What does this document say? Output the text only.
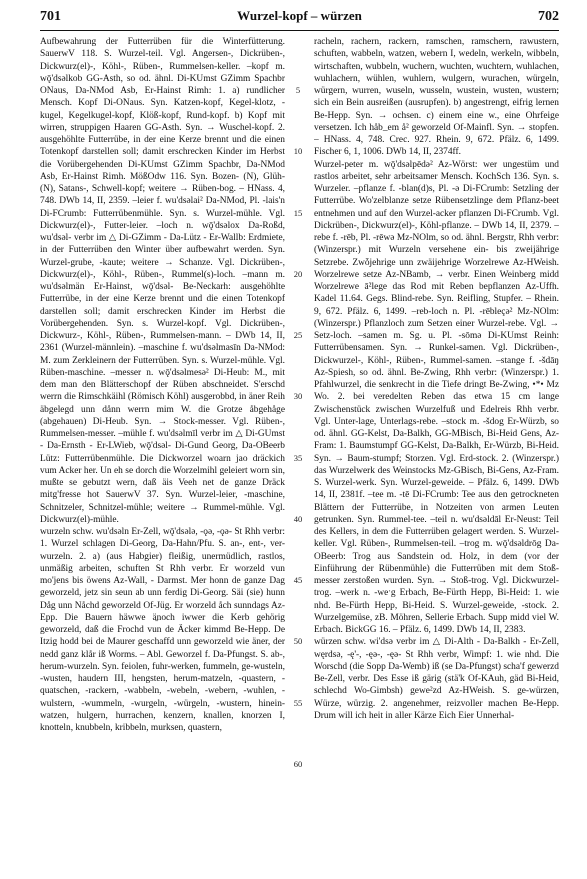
701	Wurzel-kopf – würzen	702

Aufbewahrung der Futterrüben für die Winterfütterung. SauerwV 118. S. Wurzel-teil. Vgl. Angersen-, Dickrüben-, Dickwurz(el)-, Köhl-, Rüben-, Rummelsen-keller. –kopf m. wǭ'dsəlkob GG-Asth, so od. ähnl. Di-KUmst GZimm Spachbr ONaus, Da-NMod Asb, Er-Hainst Rimh: 1. a) rundlicher Mensch. Kopf Di-ONaus. Syn. Katzen-kopf, Kegel-klotz, -kugel, Kegelkugel-kopf, Klöß-kopf, Rund-kopf. b) Kopf mit wirren, struppigen Haaren GG-Asth. Syn. → Wuschel-kopf. 2. ausgehöhlte Futterrübe, in der eine Kerze brennt und die einen Totenkopf darstellen soll; damit erschrecken Kinder im Herbst die Vorübergehenden Di-KUmst GZimm Spachbr, Da-NMod Asb, Er-Hainst Rimh. MößOdw 116. Syn. Bozen- (N), Glüh- (N), Satans-, Schwell-kopf; weitere → Rüben-bog. – HNass. 4, 748. DWb 14, II, 2359. –leier f. wu'dsəlai² Da-NMod, Pl. -lais'n Di-FCrumb: Futterrübenmühle. Syn. s. Wurzel-mühle. Vgl. Dickwurz(el)-, Futter-leier. –loch n. wǭ'dsəlox Da-Roßd, wu'dsəl- verbr im △ Di-GZimm - Da-Lütz - Er-Wallb: Erdmiete, in der Futterrüben den Winter über aufbewahrt werden. Syn. Wurzel-grube, -kaute; weitere → Schanze. Vgl. Dickrüben-, Dickwurz(el)-, Köhl-, Rüben-, Rummel(s)-loch. –mann m. wu'dsəlmän Er-Hainst, wǭ'dsəl- Be-Neckarh: ausgehöhlte Futterrübe, in der eine Kerze brennt und die einen Totenkopf darstellen soll; damit erschrecken Kinder im Herbst die Vorübergehenden. Syn. s. Wurzel-kopf. Vgl. Dickrüben-, Dickwurz-, Köhl-, Rüben-, Rummelsen-mann. – DWb 14, II, 2361 (Wurzel-männlein). –maschine f. wu'dsəlmasīn Da-NMod: M. zum Zerkleinern der Futterrüben. Syn. s. Wurzel-mühle. Vgl. Rüben-maschine. –messer n. wǭ'dsəlmesə² Di-Heub: M., mit dem man den Blätterschopf der Rüben abschneidet. S'erschd werrn die Rimschkäihl (Römisch Köhl) ausgerobbd, in äner Reih äbgelegd unn dånn werrn mim W. die Grotze åbgehåge (abgehauen) Di-Heub. Syn. → Stock-messer. Vgl. Rüben-, Rummelsen-messer. –mühle f. wu'dsəlmīl verbr im △ Di-GUmst - Da-Ernsth - Er-LWieb, wǭ'dsəl- Di-Gund Georg, Da-OBeerb Lütz: Futterrübenmühle. Die Dickworzel woarn jao dräckich vum Acker her. Un eh se dorch die Worzelmihl geleiert worn sin, mußte se gebutzt wern, daß äis Veeh net de ganze Dräck mitg'fresse hot SauerwV 37. Syn. Wurzel-leier, -maschine, Schnitzeler, Schnitzel-mühle; weitere → Rummel-mühle. Vgl. Dickwurz(el)-mühle.

wurzeln schw. wu'dsəln Er-Zell, wǭ'dsəlǝ, -ǫə, -ǫə- St Rhh verbr: 1. Wurzel schlagen Di-Georg, Da-Hahn/Pfu. S. an-, ent-, ver-wurzeln. 2. a) (aus Habgier) fleißig, unermüdlich, rastlos, unmäßig arbeiten, schuften St Rhh verbr. Er worzeld vun mo'jens bis öwens Az-Wall, - Darmst. Mer honn de ganze Dag geworzeld, jetz sin seun ab unn ferdig Di-Georg. Säi (sie) hunn Dåg unn Nåchd geworzeld Of-Jüg. Er worzeld åch sunndags Az-Epp. Die Bauern häwwe ä̱noch iwwer die Kerb gehörig geworzeld, daß die Frochd vun de Äcker kimmd Be-Hepp. De Itzig hodd bei de Maurer geschaffd unn geworzeld wie äner, der nedd ganz klår iß Worms. – Abl. Geworzel f. Da-Pfungst. S. ab-, herum-wurzeln. Syn. feiolen, fuhr-werken, fummeln, ge-wusteln, -wusten, haudern III, hengsten, herum-matzeln, -quastern, -quatschen, -rackern, -wabbeln, -webeln, -webern, -wuhlen, -wulstern, -wummeln, -wurgeln, -würgeln, -wustern, hinein-watzen, hulgern, hurrachen, kenzern, knallen, knorzen I, knotteln, knubbeln, kribbeln, murksen, quastern,

5
10
15
20
25
30
35
40
45
50
55
60

racheln, rachern, rackern, ramschen, ramschern, rawustern, schuften, wabbeln, watzen, webern I, wedeln, werkeln, wibbeln, wirtschaften, wubbeln, wuchern, wuchten, wuchtern, wuhlachen, wuhlachern, wühlen, wuhlern, wulgern, wurachen, würgeln, würgern, wurren, wuseln, wusseln, wustein, wusten, wustern; sich ein Bein ausreißen (ausrupfen). b) angestrengt, eifrig lernen Be-Hepp. Syn. → ochsen. c) einem eine w., eine Ohrfeige versetzen. Ich håb_em å² geworzeld Of-Mainfl. Syn. → stopfen. – HNass. 4, 748. Crec. 927. Rhein. 9, 672. Pfälz. 6, 1499. Fischer 6, 1, 1006. DWb 14, II, 2374ff.

Wurzel-peter m. wǭ'dsəlpēdə² Az-Wörst: wer ungestüm und rastlos arbeitet, sehr arbeitsamer Mensch. KochSch 136. Syn. s. Wurzeler. –pflanze f. -blan(d)s, Pl. -ə Di-FCrumb: Setzling der Futterrübe. Wo'zelblanze setze Rübensetzlinge dem Pflanz-beet entnehmen und auf den Wurzel-acker pflanzen Di-FCrumb. Vgl. Dickrüben-, Dickwurz(el)-, Köhl-pflanze. – DWb 14, II, 2379. –rebe f. -rēb, Pl. -rēwə Mz-NOlm, so od. ähnl. Bergstr, Rhh verbr: (Winzerspr.) mit Wurzeln versehene ein- bis zweijährige Setzrebe. Zwȱjehrige unn zwäijehrige Worzelrewe Az-HWeish. Worzelrewe setze Az-NBamb, → verbr. Einen Weinberg midd Worzelrewe ā²lege das Rod mit Reben bepflanzen Az-Uffh. Kadel 11.64. Gegs. Blind-rebe. Syn. Reifling, Stupfer. – Rhein. 9, 672. Pfälz. 6, 1499. –reb-loch n. Pl. -rēbleçə² Mz-NOlm: (Winzerspr.) Pflanzloch zum Setzen einer Wurzel-rebe. Vgl. → Setz-loch. –samen m. Sg. u. Pl. -sōmə Di-KUmst Reinh: Futterrübensamen. Syn. → Runkel-samen. Vgl. Dickrüben-, Dickwurzel-, Köhl-, Rüben-, Rummel-samen. –stange f. -šdāŋ Az-Spiesh, so od. ähnl. Be-Zwing, Rhh verbr: (Winzerspr.) 1. Pfahlwurzel, die senkrecht in die Tiefe dringt Be-Zwing, •*• Mz Wo. 2. bei veredelten Reben das etwa 15 cm lange Zwischenstück zwischen Wurzelfuß und Edelreis Rhh verbr. Vgl. Unter-lage, Unterlags-rebe. –stock m. -šdog Er-Würzb, so od. ähnl. GG-Kelst, Da-Balkh, GG-MBisch, Bi-Heid Gens, Az-Fram: 1. Baumstumpf GG-Kelst, Da-Balkh, Er-Würzb, Bi-Heid. Syn. → Baum-stumpf; Storzen. Vgl. Erd-stock. 2. (Winzerspr.) das Wurzelwerk des Weinstocks Mz-GBisch, Bi-Gens, Az-Fram. S. Wurzel-werk. Syn. Wurzel-geweide. – Pfälz. 6, 1499. DWb 14, II, 2381f. –tee m. -tē Di-FCrumb: Tee aus den getrockneten Blättern der Futterrübe, in Notzeiten von armen Leuten getrunken. Syn. Rummel-tee. –teil n. wu'dsəldāl Er-Neust: Teil des Kellers, in dem die Futterrüben gelagert werden. S. Wurzel-keller. Vgl. Rüben-, Rummelsen-teil. –trog m. wǭ'dsəldrōg Da-OBeerb: Trog aus Sandstein od. Holz, in dem (vor der Einführung der Rübenmühle) die Futterrüben mit dem Stoß-messer zerstoßen wurden. Syn. → Stoß-trog. Vgl. Dickwurzel-trog. –werk n. -weˑg Erbach, Be-Fürth Hepp, Bi-Heid: 1. wie nhd. Be-Fürth Hepp, Bi-Heid. S. Wurzel-geweide, -stock. 2. Wurzelgemüse, zB. Möhren, Sellerie Erbach. Supp midd viel W. Erbach. BickGG 16. – Pfälz. 6, 1499. DWb 14, II, 2383.

würzen schw. wi'dsə verbr im △ Di-Alth - Da-Balkh - Er-Zell, węrdsə, -ę'-, -ęə-, -ęə- St Rhh verbr, Wimpf: 1. wie nhd. Die Worschd (die Sopp Da-Wemb) iß (se Da-Pfungst) scha'f gewerzd Be-Zell, verbr. Des Esse iß gärig (stä'k Of-KAuh, gäd Bi-Heid, schlechd Wo-Gimbsh) gewe²zd Az-HWeish. S. ge-würzen, Würze, würzig. 2. angenehmer, reizvoller machen Be-Hepp. Drum will ich heit in aller Kärze Eich Eier Unnerhal-
